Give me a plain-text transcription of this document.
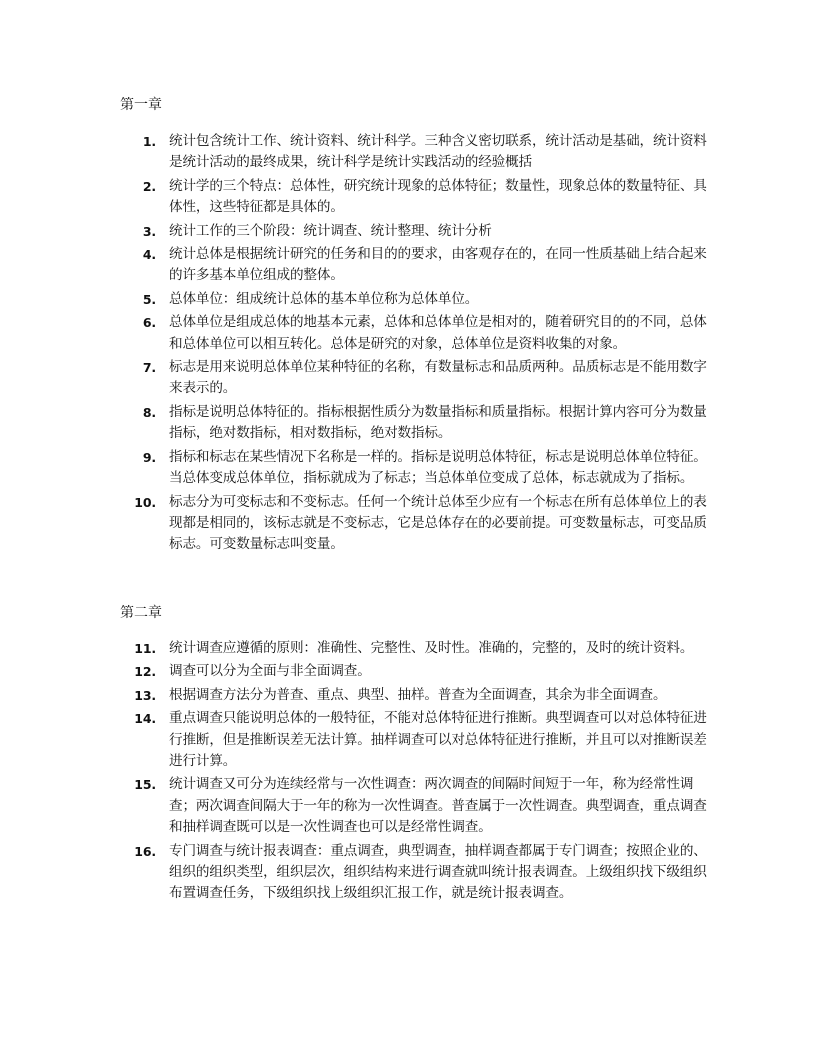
第一章
1. 统计包含统计工作、统计资料、统计科学。三种含义密切联系，统计活动是基础，统计资料是统计活动的最终成果，统计科学是统计实践活动的经验概括
2. 统计学的三个特点：总体性，研究统计现象的总体特征；数量性，现象总体的数量特征、具体性，这些特征都是具体的。
3. 统计工作的三个阶段：统计调查、统计整理、统计分析
4. 统计总体是根据统计研究的任务和目的的要求，由客观存在的，在同一性质基础上结合起来的许多基本单位组成的整体。
5. 总体单位：组成统计总体的基本单位称为总体单位。
6. 总体单位是组成总体的地基本元素，总体和总体单位是相对的，随着研究目的的不同，总体和总体单位可以相互转化。总体是研究的对象，总体单位是资料收集的对象。
7. 标志是用来说明总体单位某种特征的名称，有数量标志和品质两种。品质标志是不能用数字来表示的。
8. 指标是说明总体特征的。指标根据性质分为数量指标和质量指标。根据计算内容可分为数量指标，绝对数指标，相对数指标，绝对数指标。
9. 指标和标志在某些情况下名称是一样的。指标是说明总体特征，标志是说明总体单位特征。当总体变成总体单位，指标就成为了标志；当总体单位变成了总体，标志就成为了指标。
10. 标志分为可变标志和不变标志。任何一个统计总体至少应有一个标志在所有总体单位上的表现都是相同的，该标志就是不变标志，它是总体存在的必要前提。可变数量标志，可变品质标志。可变数量标志叫变量。
第二章
11. 统计调查应遵循的原则：准确性、完整性、及时性。准确的，完整的，及时的统计资料。
12. 调查可以分为全面与非全面调查。
13. 根据调查方法分为普查、重点、典型、抽样。普查为全面调查，其余为非全面调查。
14. 重点调查只能说明总体的一般特征，不能对总体特征进行推断。典型调查可以对总体特征进行推断，但是推断误差无法计算。抽样调查可以对总体特征进行推断，并且可以对推断误差进行计算。
15. 统计调查又可分为连续经常与一次性调查：两次调查的间隔时间短于一年，称为经常性调查；两次调查间隔大于一年的称为一次性调查。普查属于一次性调查。典型调查，重点调查和抽样调查既可以是一次性调查也可以是经常性调查。
16. 专门调查与统计报表调查：重点调查，典型调查，抽样调查都属于专门调查；按照企业的、组织的组织类型，组织层次，组织结构来进行调查就叫统计报表调查。上级组织找下级组织布置调查任务，下级组织找上级组织汇报工作，就是统计报表调查。
